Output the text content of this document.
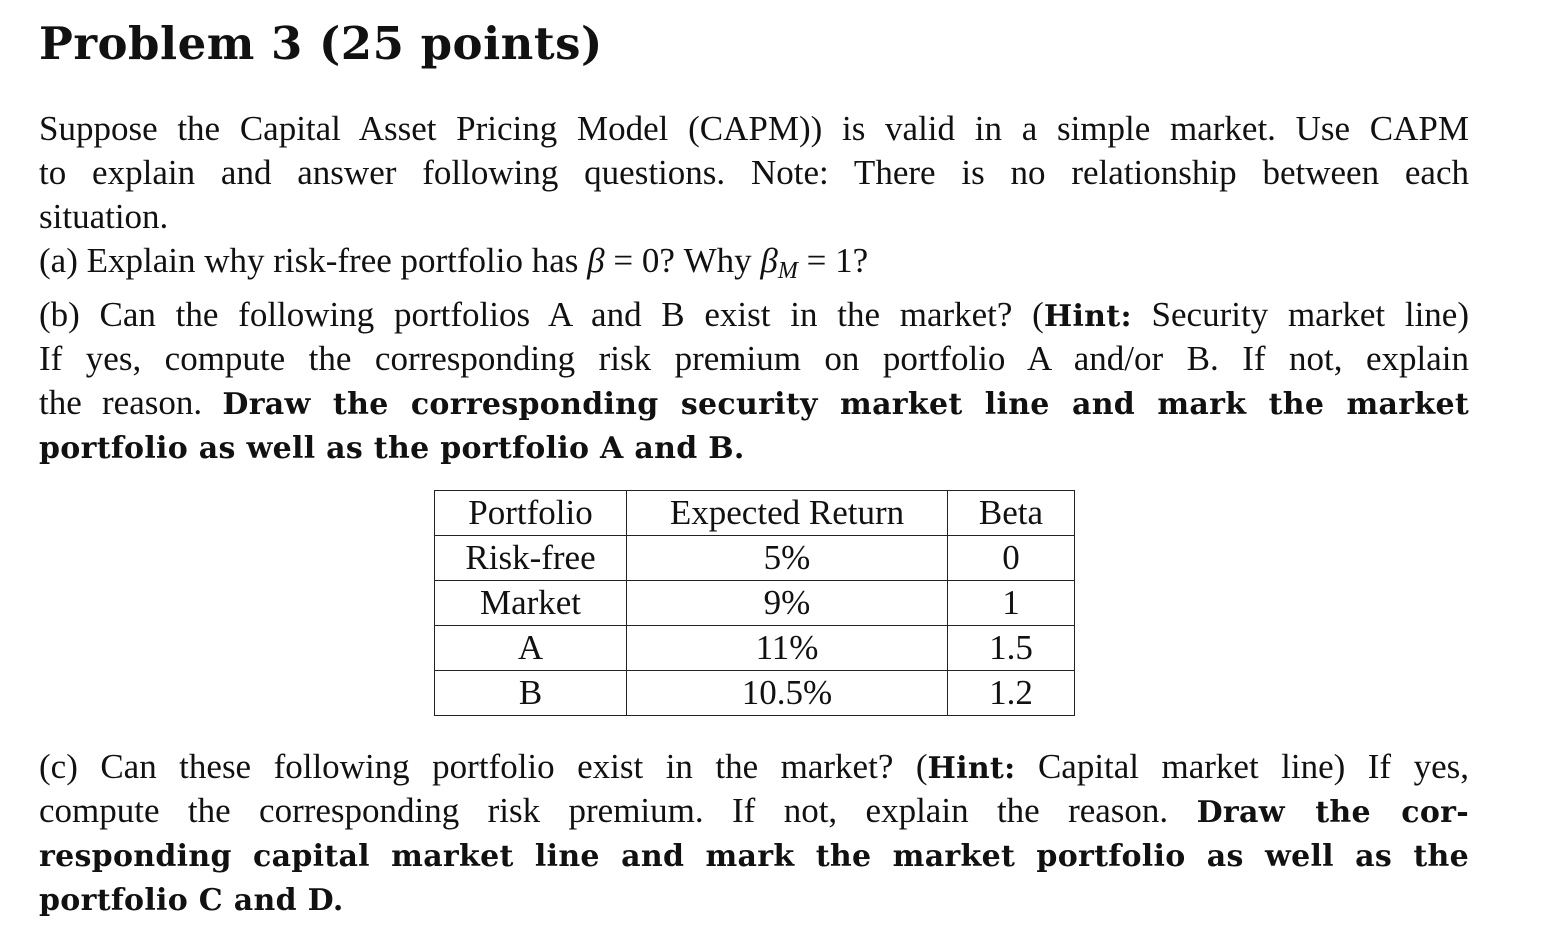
Problem 3 (25 points)
Suppose the Capital Asset Pricing Model (CAPM)) is valid in a simple market. Use CAPM
to explain and answer following questions. Note: There is no relationship between each
situation.
(a) Explain why risk-free portfolio has β = 0? Why $\beta_M = 1$?
(b) Can the following portfolios A and B exist in the market? (Hint: Security market line)
If yes, compute the corresponding risk premium on portfolio A and/or B. If not, explain
the reason. Draw the corresponding security market line and mark the market
portfolio as well as the portfolio A and B.
Portfolio	Expected Return	Beta
Risk-free	5%	0
Market	9%	1
A	11%	1.5
B	10.5%	1.2
(c) Can these following portfolio exist in the market? (Hint: Capital market line) If yes,
compute the corresponding risk premium. If not, explain the reason. Draw the cor-
responding capital market line and mark the market portfolio as well as the
portfolio C and D.
